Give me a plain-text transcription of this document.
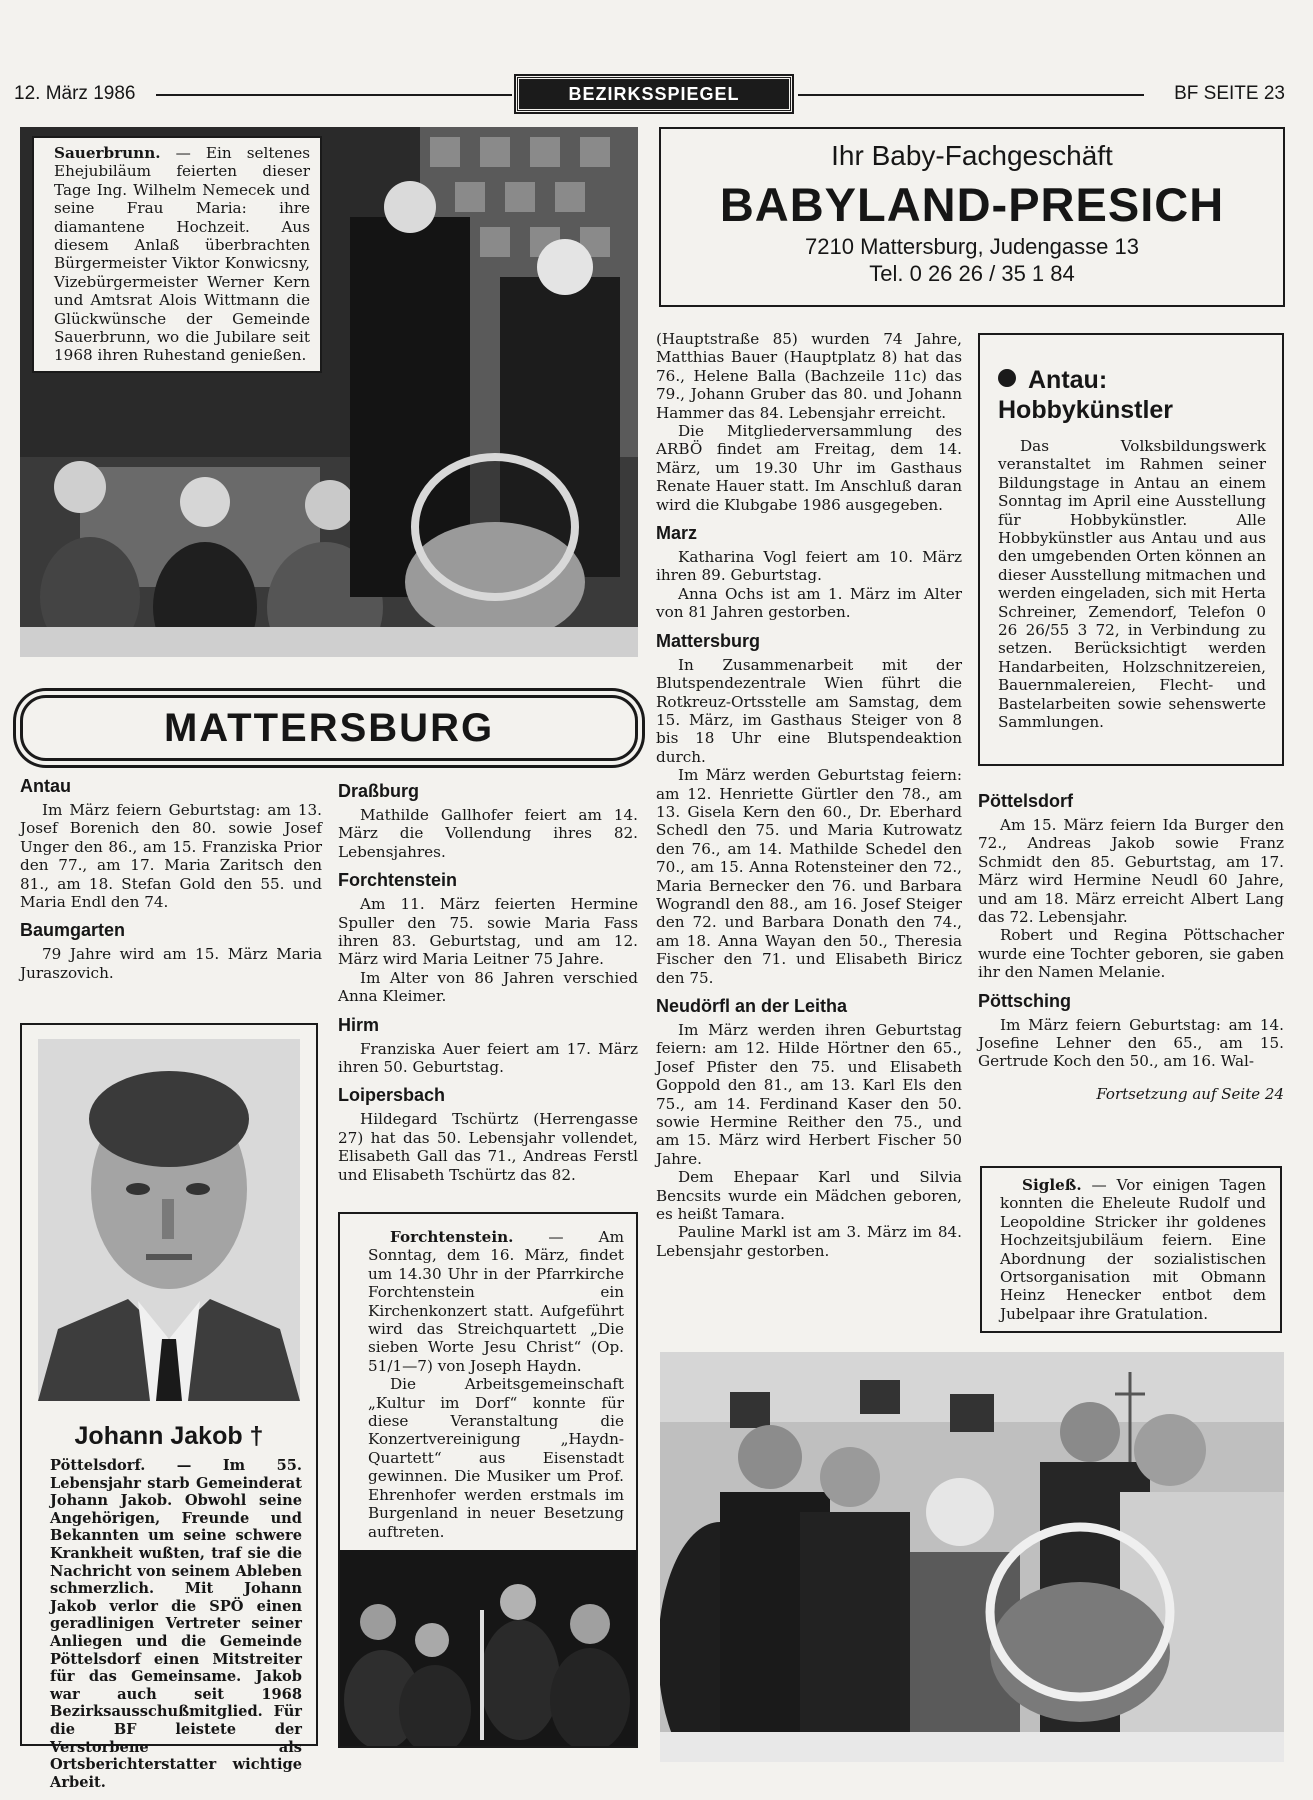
12. März 1986	BEZIRKSSPIEGEL	BF SEITE 23
Sauerbrunn. — Ein seltenes Ehejubiläum feierten dieser Tage Ing. Wilhelm Nemecek und seine Frau Maria: ihre diamantene Hochzeit. Aus diesem Anlaß überbrachten Bürgermeister Viktor Konwicsny, Vizebürgermeister Werner Kern und Amtsrat Alois Wittmann die Glückwünsche der Gemeinde Sauerbrunn, wo die Jubilare seit 1968 ihren Ruhestand genießen.
Ihr Baby-Fachgeschäft
BABYLAND-PRESICH
7210 Mattersburg, Judengasse 13
Tel. 0 26 26 / 35 1 84
MATTERSBURG
Antau

Im März feiern Geburtstag: am 13. Josef Borenich den 80. sowie Josef Unger den 86., am 15. Franziska Prior den 77., am 17. Maria Zaritsch den 81., am 18. Stefan Gold den 55. und Maria Endl den 74.

Baumgarten

79 Jahre wird am 15. März Maria Juraszovich.

Johann Jakob †
Pöttelsdorf. — Im 55. Lebensjahr starb Gemeinderat Johann Jakob. Obwohl seine Angehörigen, Freunde und Bekannten um seine schwere Krankheit wußten, traf sie die Nachricht von seinem Ableben schmerzlich. Mit Johann Jakob verlor die SPÖ einen geradlinigen Vertreter seiner Anliegen und die Gemeinde Pöttelsdorf einen Mitstreiter für das Gemeinsame. Jakob war auch seit 1968 Bezirksausschußmitglied. Für die BF leistete der Verstorbene als Ortsberichterstatter wichtige Arbeit.
Draßburg

Mathilde Gallhofer feiert am 14. März die Vollendung ihres 82. Lebensjahres.

Forchtenstein

Am 11. März feierten Hermine Spuller den 75. sowie Maria Fass ihren 83. Geburtstag, und am 12. März wird Maria Leitner 75 Jahre.

Im Alter von 86 Jahren verschied Anna Kleimer.

Hirm

Franziska Auer feiert am 17. März ihren 50. Geburtstag.

Loipersbach

Hildegard Tschürtz (Herrengasse 27) hat das 50. Lebensjahr vollendet, Elisabeth Gall das 71., Andreas Ferstl und Elisabeth Tschürtz das 82.

Forchtenstein. — Am Sonntag, dem 16. März, findet um 14.30 Uhr in der Pfarrkirche Forchtenstein ein Kirchenkonzert statt. Aufgeführt wird das Streichquartett „Die sieben Worte Jesu Christ“ (Op. 51/1—7) von Joseph Haydn.

Die Arbeitsgemeinschaft „Kultur im Dorf“ konnte für diese Veranstaltung die Konzertvereinigung „Haydn-Quartett“ aus Eisenstadt gewinnen. Die Musiker um Prof. Ehrenhofer werden erstmals im Burgenland in neuer Besetzung auftreten.

(Hauptstraße 85) wurden 74 Jahre, Matthias Bauer (Hauptplatz 8) hat das 76., Helene Balla (Bachzeile 11c) das 79., Johann Gruber das 80. und Johann Hammer das 84. Lebensjahr erreicht.

Die Mitgliederversammlung des ARBÖ findet am Freitag, dem 14. März, um 19.30 Uhr im Gasthaus Renate Hauer statt. Im Anschluß daran wird die Klubgabe 1986 ausgegeben.

Marz

Katharina Vogl feiert am 10. März ihren 89. Geburtstag.

Anna Ochs ist am 1. März im Alter von 81 Jahren gestorben.

Mattersburg

In Zusammenarbeit mit der Blutspendezentrale Wien führt die Rotkreuz-Ortsstelle am Samstag, dem 15. März, im Gasthaus Steiger von 8 bis 18 Uhr eine Blutspendeaktion durch.

Im März werden Geburtstag feiern: am 12. Henriette Gürtler den 78., am 13. Gisela Kern den 60., Dr. Eberhard Schedl den 75. und Maria Kutrowatz den 76., am 14. Mathilde Schedel den 70., am 15. Anna Rotensteiner den 72., Maria Bernecker den 76. und Barbara Wograndl den 88., am 16. Josef Steiger den 72. und Barbara Donath den 74., am 18. Anna Wayan den 50., Theresia Fischer den 71. und Elisabeth Biricz den 75.

Neudörfl an der Leitha

Im März werden ihren Geburtstag feiern: am 12. Hilde Hörtner den 65., Josef Pfister den 75. und Elisabeth Goppold den 81., am 13. Karl Els den 75., am 14. Ferdinand Kaser den 50. sowie Hermine Reither den 75., und am 15. März wird Herbert Fischer 50 Jahre.

Dem Ehepaar Karl und Silvia Bencsits wurde ein Mädchen geboren, es heißt Tamara.

Pauline Markl ist am 3. März im 84. Lebensjahr gestorben.

Antau:
Hobbykünstler
Das Volksbildungswerk veranstaltet im Rahmen seiner Bildungstage in Antau an einem Sonntag im April eine Ausstellung für Hobbykünstler. Alle Hobbykünstler aus Antau und aus den umgebenden Orten können an dieser Ausstellung mitmachen und werden eingeladen, sich mit Herta Schreiner, Zemendorf, Telefon 0 26 26/55 3 72, in Verbindung zu setzen. Berücksichtigt werden Handarbeiten, Holzschnitzereien, Bauernmalereien, Flecht- und Bastelarbeiten sowie sehenswerte Sammlungen.
Pöttelsdorf

Am 15. März feiern Ida Burger den 72., Andreas Jakob sowie Franz Schmidt den 85. Geburtstag, am 17. März wird Hermine Neudl 60 Jahre, und am 18. März erreicht Albert Lang das 72. Lebensjahr.

Robert und Regina Pöttschacher wurde eine Tochter geboren, sie gaben ihr den Namen Melanie.

Pöttsching

Im März feiern Geburtstag: am 14. Josefine Lehner den 65., am 15. Gertrude Koch den 50., am 16. Wal-

Fortsetzung auf Seite 24

Sigleß. — Vor einigen Tagen konnten die Eheleute Rudolf und Leopoldine Stricker ihr goldenes Hochzeitsjubiläum feiern. Eine Abordnung der sozialistischen Ortsorganisation mit Obmann Heinz Henecker entbot dem Jubelpaar ihre Gratulation.
